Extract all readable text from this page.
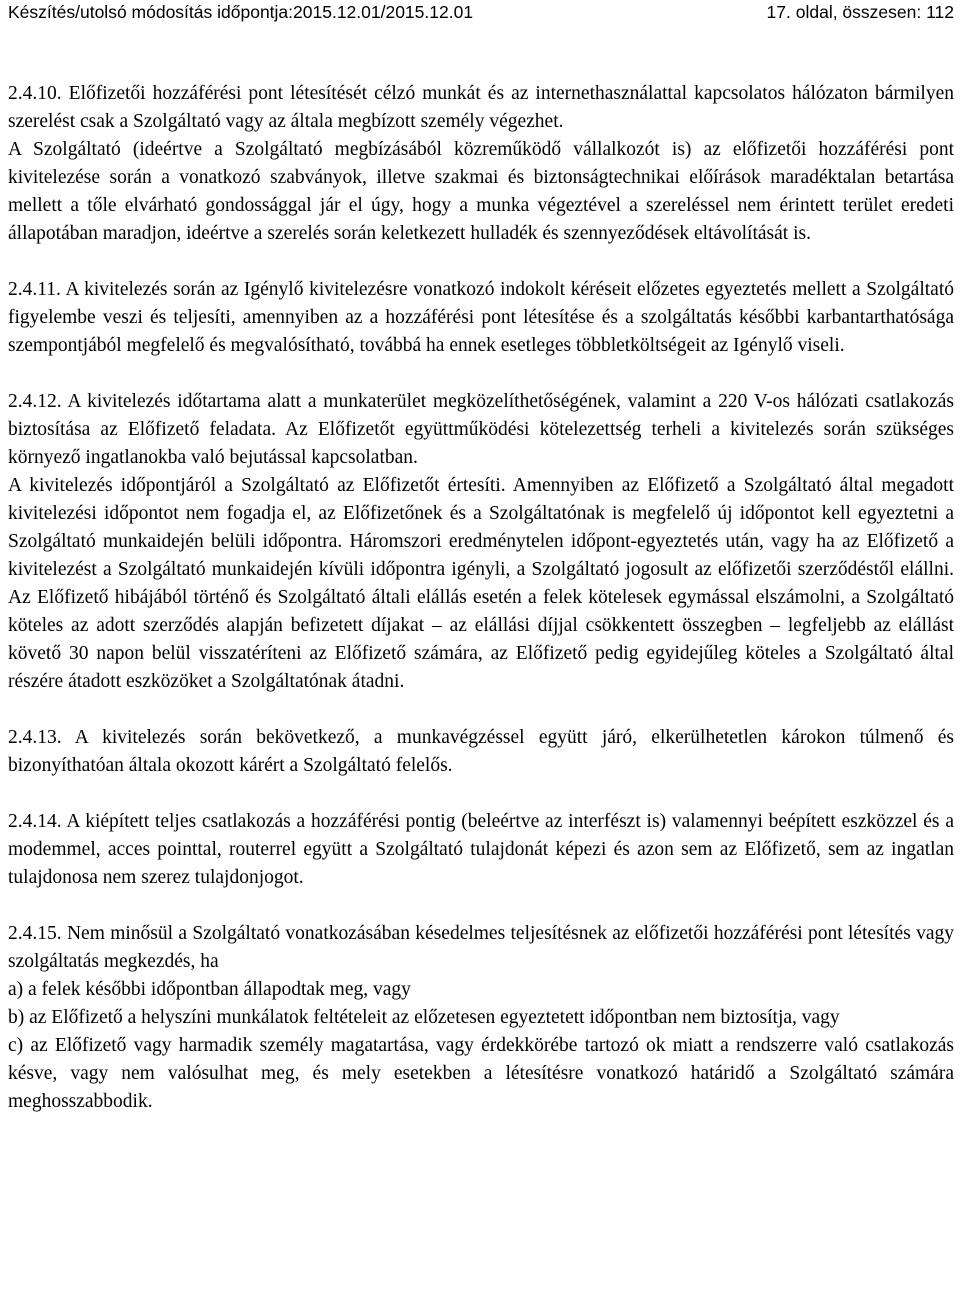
Készítés/utolsó módosítás időpontja:2015.12.01/2015.12.01	17. oldal, összesen: 112

2.4.10. Előfizetői hozzáférési pont létesítését célzó munkát és az internethasználattal kapcsolatos hálózaton bármilyen szerelést csak a Szolgáltató vagy az általa megbízott személy végezhet.

A Szolgáltató (ideértve a Szolgáltató megbízásából közreműködő vállalkozót is) az előfizetői hozzáférési pont kivitelezése során a vonatkozó szabványok, illetve szakmai és biztonságtechnikai előírások maradéktalan betartása mellett a tőle elvárható gondossággal jár el úgy, hogy a munka végeztével a szereléssel nem érintett terület eredeti állapotában maradjon, ideértve a szerelés során keletkezett hulladék és szennyeződések eltávolítását is.

2.4.11. A kivitelezés során az Igénylő kivitelezésre vonatkozó indokolt kéréseit előzetes egyeztetés mellett a Szolgáltató figyelembe veszi és teljesíti, amennyiben az a hozzáférési pont létesítése és a szolgáltatás későbbi karbantarthatósága szempontjából megfelelő és megvalósítható, továbbá ha ennek esetleges többletköltségeit az Igénylő viseli.

2.4.12. A kivitelezés időtartama alatt a munkaterület megközelíthetőségének, valamint a 220 V-os hálózati csatlakozás biztosítása az Előfizető feladata. Az Előfizetőt együttműködési kötelezettség terheli a kivitelezés során szükséges környező ingatlanokba való bejutással kapcsolatban.

A kivitelezés időpontjáról a Szolgáltató az Előfizetőt értesíti. Amennyiben az Előfizető a Szolgáltató által megadott kivitelezési időpontot nem fogadja el, az Előfizetőnek és a Szolgáltatónak is megfelelő új időpontot kell egyeztetni a Szolgáltató munkaidején belüli időpontra. Háromszori eredménytelen időpont-egyeztetés után, vagy ha az Előfizető a kivitelezést a Szolgáltató munkaidején kívüli időpontra igényli, a Szolgáltató jogosult az előfizetői szerződéstől elállni. Az Előfizető hibájából történő és Szolgáltató általi elállás esetén a felek kötelesek egymással elszámolni, a Szolgáltató köteles az adott szerződés alapján befizetett díjakat – az elállási díjjal csökkentett összegben – legfeljebb az elállást követő 30 napon belül visszatéríteni az Előfizető számára, az Előfizető pedig egyidejűleg köteles a Szolgáltató által részére átadott eszközöket a Szolgáltatónak átadni.

2.4.13. A kivitelezés során bekövetkező, a munkavégzéssel együtt járó, elkerülhetetlen károkon túlmenő és bizonyíthatóan általa okozott kárért a Szolgáltató felelős.

2.4.14. A kiépített teljes csatlakozás a hozzáférési pontig (beleértve az interfészt is) valamennyi beépített eszközzel és a modemmel, acces pointtal, routerrel együtt a Szolgáltató tulajdonát képezi és azon sem az Előfizető, sem az ingatlan tulajdonosa nem szerez tulajdonjogot.

2.4.15. Nem minősül a Szolgáltató vonatkozásában késedelmes teljesítésnek az előfizetői hozzáférési pont létesítés vagy szolgáltatás megkezdés, ha

a) a felek későbbi időpontban állapodtak meg, vagy

b) az Előfizető a helyszíni munkálatok feltételeit az előzetesen egyeztetett időpontban nem biztosítja, vagy

c) az Előfizető vagy harmadik személy magatartása, vagy érdekkörébe tartozó ok miatt a rendszerre való csatlakozás késve, vagy nem valósulhat meg, és mely esetekben a létesítésre vonatkozó határidő a Szolgáltató számára meghosszabbodik.
